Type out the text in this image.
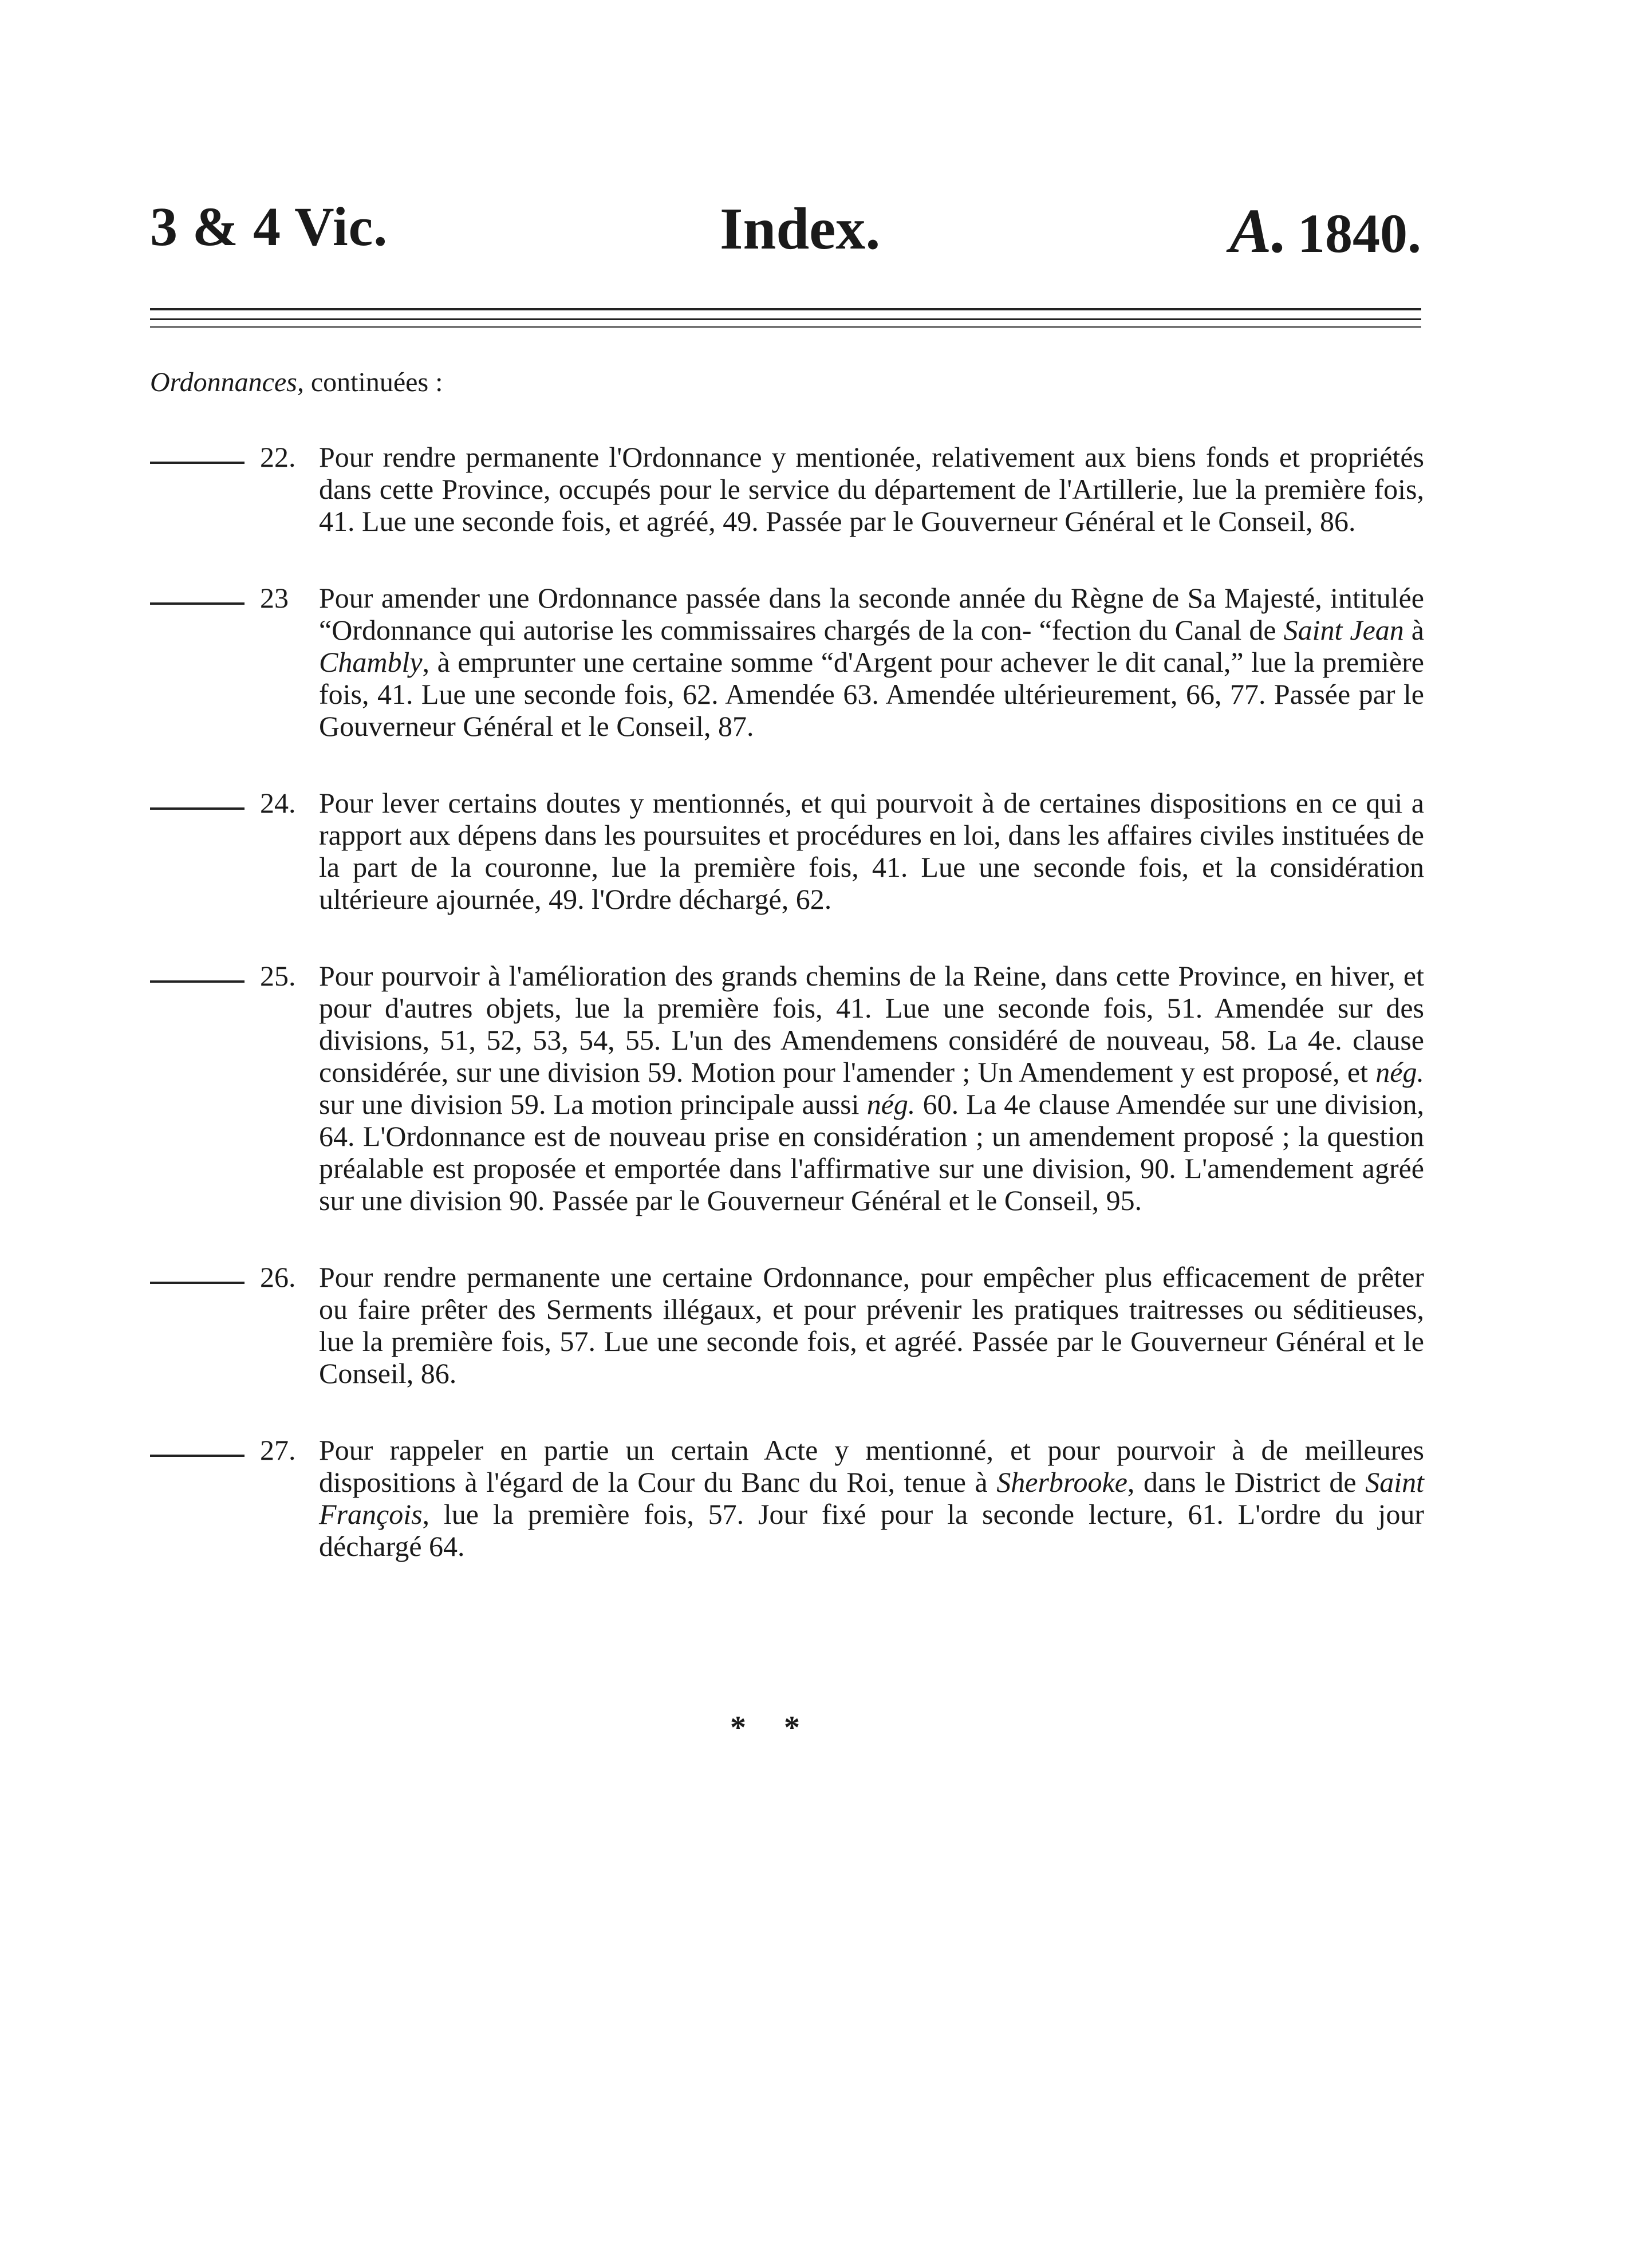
3 & 4 Vic.	Index.	A. 1840.
Ordonnances, continuées :
22. Pour rendre permanente l'Ordonnance y mentionée, relativement aux biens fonds et propriétés dans cette Province, occupés pour le service du département de l'Artillerie, lue la première fois, 41. Lue une seconde fois, et agréé, 49. Passée par le Gouverneur Général et le Conseil, 86.
23 Pour amender une Ordonnance passée dans la seconde année du Règne de Sa Majesté, intitulée “Ordonnance qui autorise les commissaires chargés de la con- “fection du Canal de Saint Jean à Chambly, à emprunter une certaine somme “d'Argent pour achever le dit canal,” lue la première fois, 41. Lue une seconde fois, 62. Amendée 63. Amendée ultérieurement, 66, 77. Passée par le Gouverneur Général et le Conseil, 87.
24. Pour lever certains doutes y mentionnés, et qui pourvoit à de certaines dispositions en ce qui a rapport aux dépens dans les poursuites et procédures en loi, dans les affaires civiles instituées de la part de la couronne, lue la première fois, 41. Lue une seconde fois, et la considération ultérieure ajournée, 49. l'Ordre déchargé, 62.
25. Pour pourvoir à l'amélioration des grands chemins de la Reine, dans cette Province, en hiver, et pour d'autres objets, lue la première fois, 41. Lue une seconde fois, 51. Amendée sur des divisions, 51, 52, 53, 54, 55. L'un des Amendemens considéré de nouveau, 58. La 4e. clause considérée, sur une division 59. Motion pour l'amender ; Un Amendement y est proposé, et nég. sur une division 59. La motion principale aussi nég. 60. La 4e clause Amendée sur une division, 64. L'Ordonnance est de nouveau prise en considération ; un amendement proposé ; la question préalable est proposée et emportée dans l'affirmative sur une division, 90. L'amendement agréé sur une division 90. Passée par le Gouverneur Général et le Conseil, 95.
26. Pour rendre permanente une certaine Ordonnance, pour empêcher plus efficacement de prêter ou faire prêter des Serments illégaux, et pour prévenir les pratiques traitresses ou séditieuses, lue la première fois, 57. Lue une seconde fois, et agréé. Passée par le Gouverneur Général et le Conseil, 86.
27. Pour rappeler en partie un certain Acte y mentionné, et pour pourvoir à de meilleures dispositions à l'égard de la Cour du Banc du Roi, tenue à Sherbrooke, dans le District de Saint François, lue la première fois, 57. Jour fixé pour la seconde lecture, 61. L'ordre du jour déchargé 64.
* *
